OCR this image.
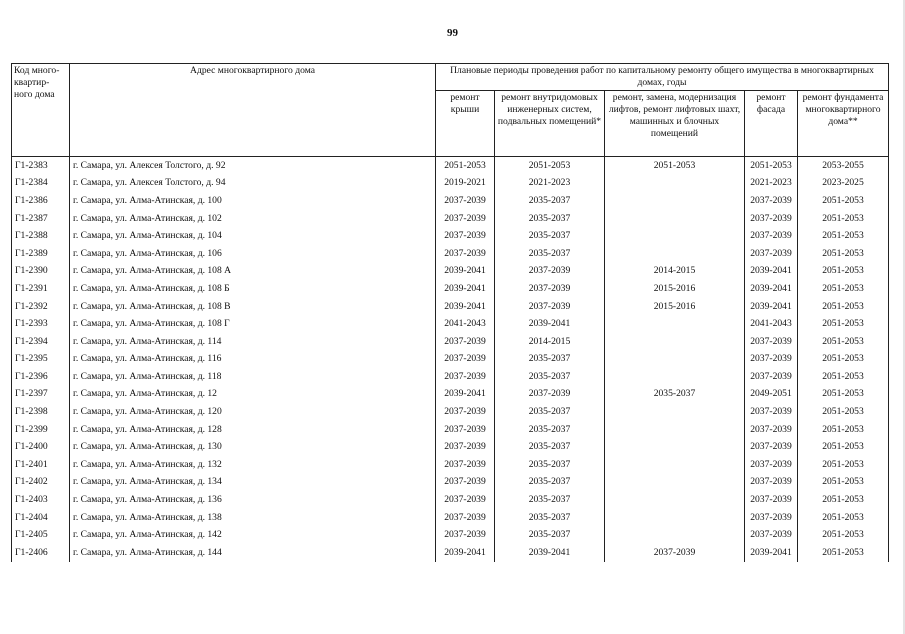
99
Код много-квартир-ного дома	Адрес многоквартирного дома	Плановые периоды проведения работ по капитальному ремонту общего имущества в многоквартирных домах, годы				
		ремонт крыши	ремонт внутридомовых инженерных систем, подвальных помещений*	ремонт, замена, модернизация лифтов, ремонт лифтовых шахт, машинных и блочных помещений	ремонт фасада	ремонт фундамента многоквартирного дома**
Г1-2383	г. Самара, ул. Алексея Толстого, д. 92	2051-2053	2051-2053	2051-2053	2051-2053	2053-2055
Г1-2384	г. Самара, ул. Алексея Толстого, д. 94	2019-2021	2021-2023		2021-2023	2023-2025
Г1-2386	г. Самара, ул. Алма-Атинская, д. 100	2037-2039	2035-2037		2037-2039	2051-2053
Г1-2387	г. Самара, ул. Алма-Атинская, д. 102	2037-2039	2035-2037		2037-2039	2051-2053
Г1-2388	г. Самара, ул. Алма-Атинская, д. 104	2037-2039	2035-2037		2037-2039	2051-2053
Г1-2389	г. Самара, ул. Алма-Атинская, д. 106	2037-2039	2035-2037		2037-2039	2051-2053
Г1-2390	г. Самара, ул. Алма-Атинская, д. 108 А	2039-2041	2037-2039	2014-2015	2039-2041	2051-2053
Г1-2391	г. Самара, ул. Алма-Атинская, д. 108 Б	2039-2041	2037-2039	2015-2016	2039-2041	2051-2053
Г1-2392	г. Самара, ул. Алма-Атинская, д. 108 В	2039-2041	2037-2039	2015-2016	2039-2041	2051-2053
Г1-2393	г. Самара, ул. Алма-Атинская, д. 108 Г	2041-2043	2039-2041		2041-2043	2051-2053
Г1-2394	г. Самара, ул. Алма-Атинская, д. 114	2037-2039	2014-2015		2037-2039	2051-2053
Г1-2395	г. Самара, ул. Алма-Атинская, д. 116	2037-2039	2035-2037		2037-2039	2051-2053
Г1-2396	г. Самара, ул. Алма-Атинская, д. 118	2037-2039	2035-2037		2037-2039	2051-2053
Г1-2397	г. Самара, ул. Алма-Атинская, д. 12	2039-2041	2037-2039	2035-2037	2049-2051	2051-2053
Г1-2398	г. Самара, ул. Алма-Атинская, д. 120	2037-2039	2035-2037		2037-2039	2051-2053
Г1-2399	г. Самара, ул. Алма-Атинская, д. 128	2037-2039	2035-2037		2037-2039	2051-2053
Г1-2400	г. Самара, ул. Алма-Атинская, д. 130	2037-2039	2035-2037		2037-2039	2051-2053
Г1-2401	г. Самара, ул. Алма-Атинская, д. 132	2037-2039	2035-2037		2037-2039	2051-2053
Г1-2402	г. Самара, ул. Алма-Атинская, д. 134	2037-2039	2035-2037		2037-2039	2051-2053
Г1-2403	г. Самара, ул. Алма-Атинская, д. 136	2037-2039	2035-2037		2037-2039	2051-2053
Г1-2404	г. Самара, ул. Алма-Атинская, д. 138	2037-2039	2035-2037		2037-2039	2051-2053
Г1-2405	г. Самара, ул. Алма-Атинская, д. 142	2037-2039	2035-2037		2037-2039	2051-2053
Г1-2406	г. Самара, ул. Алма-Атинская, д. 144	2039-2041	2039-2041	2037-2039	2039-2041	2051-2053
